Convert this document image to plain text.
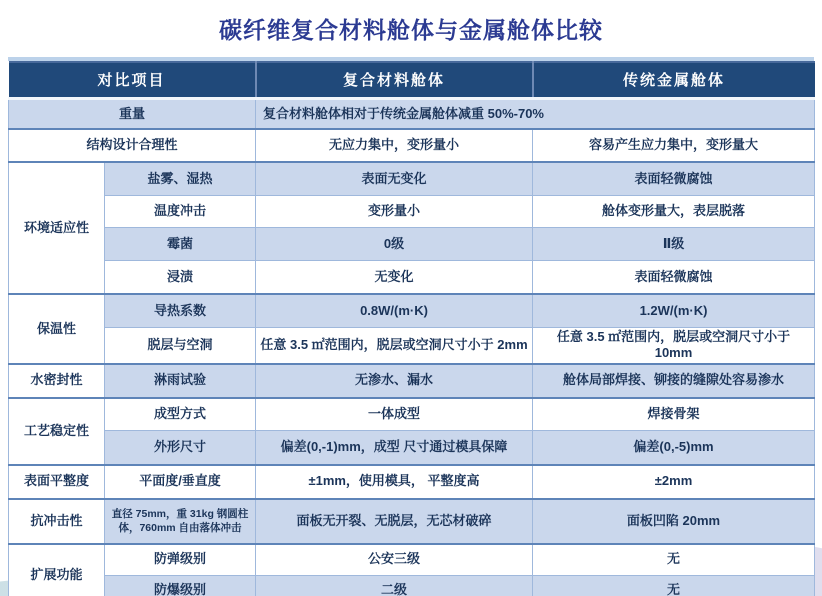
碳纤维复合材料舱体与金属舱体比较
对比项目		复合材料舱体	传统金属舱体
重量		复合材料舱体相对于传统金属舱体减重 50%-70%	
结构设计合理性		无应力集中，变形量小	容易产生应力集中，变形量大
环境适应性	盐雾、湿热	表面无变化	表面轻微腐蚀
	温度冲击	变形量小	舱体变形量大，表层脱落
	霉菌	0级	Ⅱ级
	浸渍	无变化	表面轻微腐蚀
保温性	导热系数	0.8W/(m·K)	1.2W/(m·K)
	脱层与空洞	任意 3.5 ㎡范围内，脱层或空洞尺寸小于 2mm	任意 3.5 ㎡范围内，脱层或空洞尺寸小于 10mm
水密封性	淋雨试验	无渗水、漏水	舱体局部焊接、铆接的缝隙处容易渗水
工艺稳定性	成型方式	一体成型	焊接骨架
	外形尺寸	偏差(0,-1)mm，成型 尺寸通过模具保障	偏差(0,-5)mm
表面平整度	平面度/垂直度	±1mm，使用模具， 平整度高	±2mm
抗冲击性	直径 75mm，重 31kg 钢圆柱体，760mm 自由落体冲击	面板无开裂、无脱层，无芯材破碎	面板凹陷 20mm
扩展功能	防弹级别	公安三级	无
	防爆级别	二级	无
